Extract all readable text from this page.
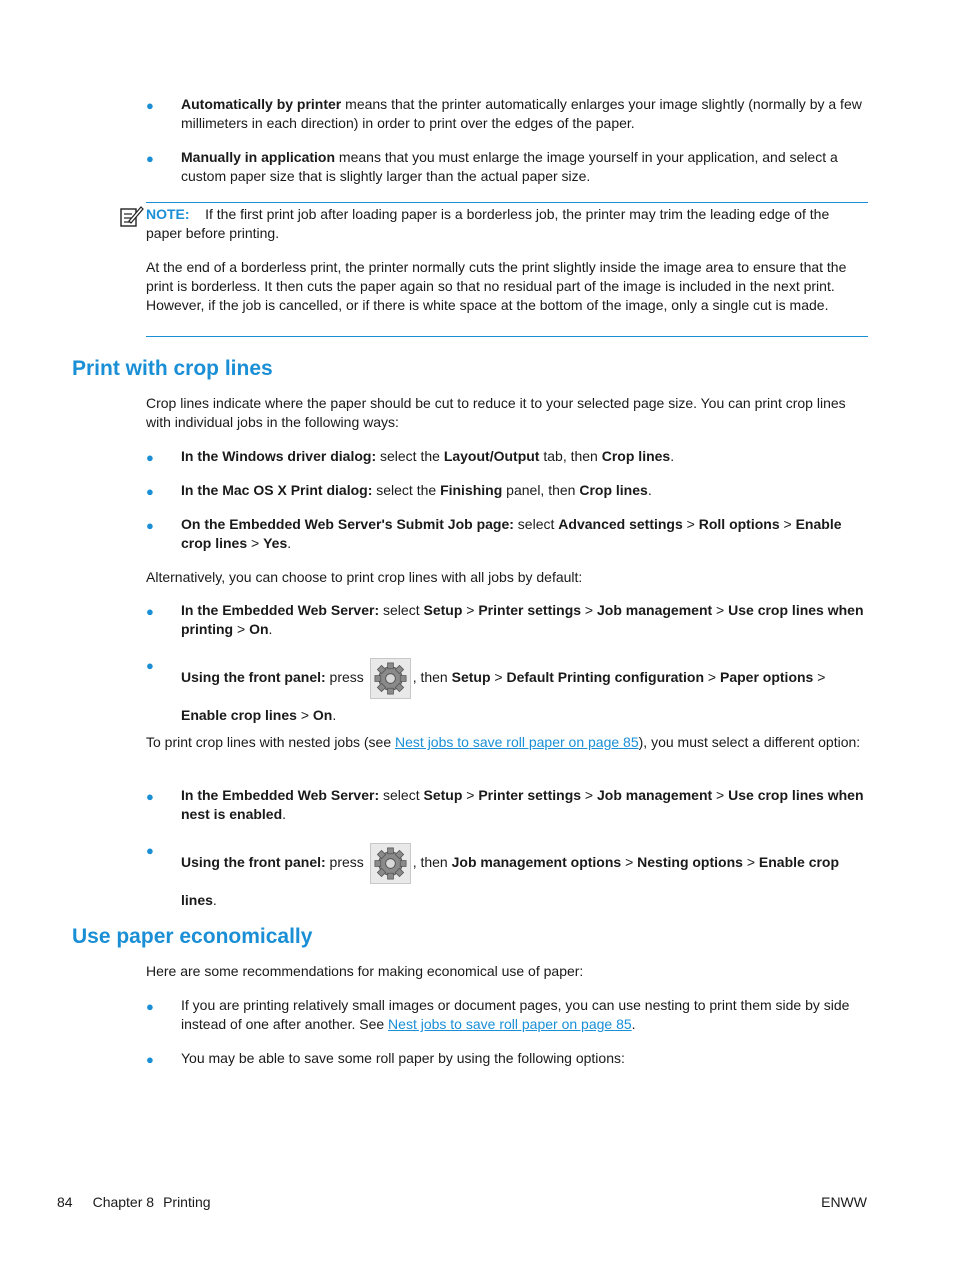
● Automatically by printer means that the printer automatically enlarges your image slightly (normally by a few millimeters in each direction) in order to print over the edges of the paper.
● Manually in application means that you must enlarge the image yourself in your application, and select a custom paper size that is slightly larger than the actual paper size.
NOTE: If the first print job after loading paper is a borderless job, the printer may trim the leading edge of the paper before printing.
At the end of a borderless print, the printer normally cuts the print slightly inside the image area to ensure that the print is borderless. It then cuts the paper again so that no residual part of the image is included in the next print. However, if the job is cancelled, or if there is white space at the bottom of the image, only a single cut is made.
Print with crop lines
Crop lines indicate where the paper should be cut to reduce it to your selected page size. You can print crop lines with individual jobs in the following ways:
● In the Windows driver dialog: select the Layout/Output tab, then Crop lines.
● In the Mac OS X Print dialog: select the Finishing panel, then Crop lines.
● On the Embedded Web Server's Submit Job page: select Advanced settings > Roll options > Enable crop lines > Yes.
Alternatively, you can choose to print crop lines with all jobs by default:
● In the Embedded Web Server: select Setup > Printer settings > Job management > Use crop lines when printing > On.
●
Using the front panel: press	, then Setup > Default Printing configuration > Paper options > Enable crop lines > On.
To print crop lines with nested jobs (see Nest jobs to save roll paper on page 85), you must select a different option:
● In the Embedded Web Server: select Setup > Printer settings > Job management > Use crop lines when nest is enabled.
●
Using the front panel: press	, then Job management options > Nesting options > Enable crop lines.
Use paper economically
Here are some recommendations for making economical use of paper:
● If you are printing relatively small images or document pages, you can use nesting to print them side by side instead of one after another. See Nest jobs to save roll paper on page 85.
● You may be able to save some roll paper by using the following options:
84 Chapter 8 Printing	ENWW
